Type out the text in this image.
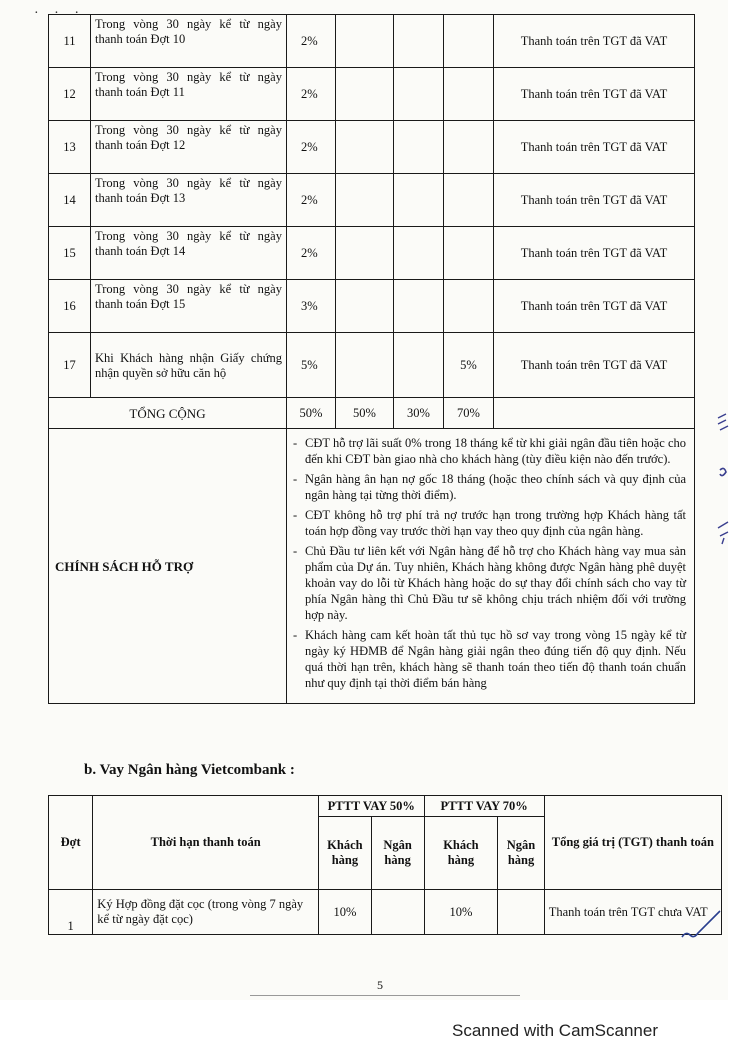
· · ·
11	Trong vòng 30 ngày kể từ ngày thanh toán Đợt 10	2%				Thanh toán trên TGT đã VAT
12	Trong vòng 30 ngày kể từ ngày thanh toán Đợt 11	2%				Thanh toán trên TGT đã VAT
13	Trong vòng 30 ngày kể từ ngày thanh toán Đợt 12	2%				Thanh toán trên TGT đã VAT
14	Trong vòng 30 ngày kể từ ngày thanh toán Đợt 13	2%				Thanh toán trên TGT đã VAT
15	Trong vòng 30 ngày kể từ ngày thanh toán Đợt 14	2%				Thanh toán trên TGT đã VAT
16	Trong vòng 30 ngày kể từ ngày thanh toán Đợt 15	3%				Thanh toán trên TGT đã VAT
17	Khi Khách hàng nhận Giấy chứng nhận quyền sở hữu căn hộ	5%			5%	Thanh toán trên TGT đã VAT
TỔNG CỘNG		50%	50%	30%	70%	
CHÍNH SÁCH HỖ TRỢ		- CĐT hỗ trợ lãi suất 0% trong 18 tháng kể từ khi giải ngân đầu tiên hoặc cho đến khi CĐT bàn giao nhà cho khách hàng (tùy điều kiện nào đến trước).
- Ngân hàng ân hạn nợ gốc 18 tháng (hoặc theo chính sách và quy định của ngân hàng tại từng thời điểm).
- CĐT không hỗ trợ phí trả nợ trước hạn trong trường hợp Khách hàng tất toán hợp đồng vay trước thời hạn vay theo quy định của ngân hàng.
- Chủ Đầu tư liên kết với Ngân hàng để hỗ trợ cho Khách hàng vay mua sản phẩm của Dự án. Tuy nhiên, Khách hàng không được Ngân hàng phê duyệt khoản vay do lỗi từ Khách hàng hoặc do sự thay đổi chính sách cho vay từ phía Ngân hàng thì Chủ Đầu tư sẽ không chịu trách nhiệm đối với trường hợp này.
- Khách hàng cam kết hoàn tất thủ tục hồ sơ vay trong vòng 15 ngày kể từ ngày ký HĐMB để Ngân hàng giải ngân theo đúng tiến độ quy định. Nếu quá thời hạn trên, khách hàng sẽ thanh toán theo tiến độ thanh toán chuẩn như quy định tại thời điểm bán hàng
b. Vay Ngân hàng Vietcombank :
Đợt	Thời hạn thanh toán	PTTT VAY 50%		PTTT VAY 70%		Tổng giá trị (TGT) thanh toán
		Khách hàng	Ngân hàng	Khách hàng	Ngân hàng	
1	Ký Hợp đồng đặt cọc (trong vòng 7 ngày kể từ ngày đặt cọc)	10%		10%		Thanh toán trên TGT chưa VAT
5
Scanned with CamScanner
